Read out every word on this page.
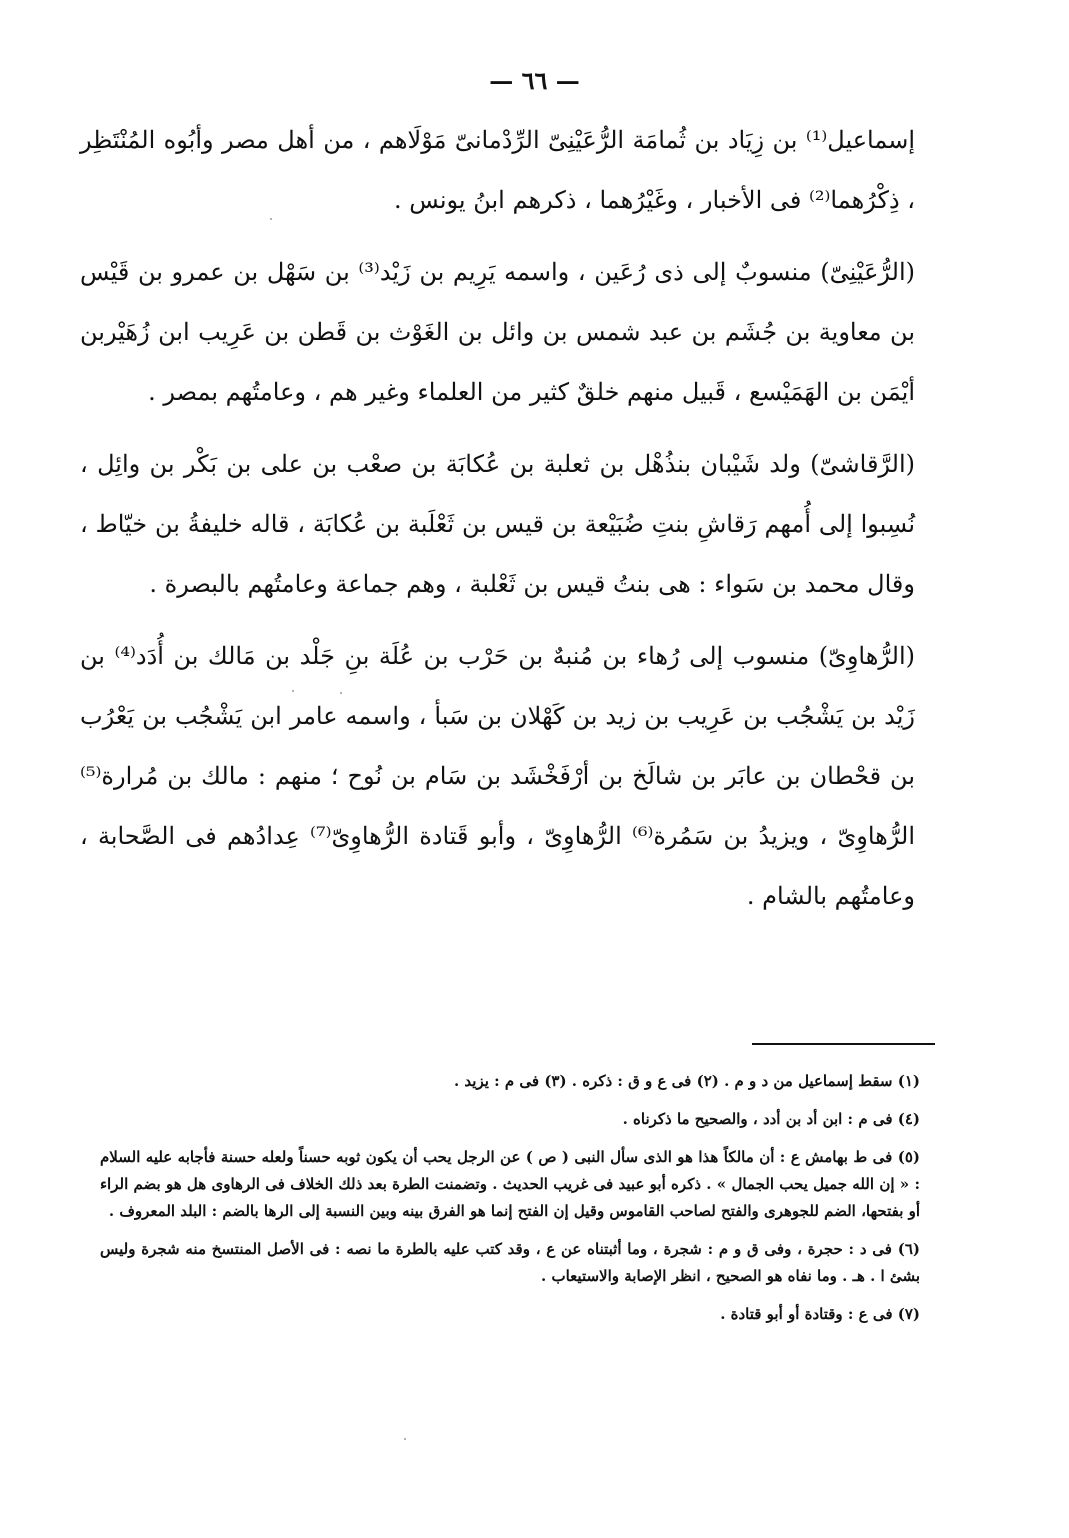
— ٦٦ —

إسماعيل⁽¹⁾ بن زِيَاد بن ثُمامَة الرُّعَيْنِىّ الرِّدْمانىّ مَوْلَاهم ، من أهل مصر وأبُوه المُنْتَظِر ، ذِكْرُهما⁽²⁾ فى الأخبار ، وغَيْرُهما ، ذكرهم ابنُ يونس .

(الرُّعَيْنِىّ) منسوبٌ إلى ذى رُعَين ، واسمه يَرِيم بن زَيْد⁽³⁾ بن سَهْل بن عمرو بن قَيْس بن معاوية بن جُشَم بن عبد شمس بن وائل بن الغَوْث بن قَطن بن عَرِيب ابن زُهَيْربن أيْمَن بن الهَمَيْسع ، قَبيل منهم خلقٌ كثير من العلماء وغير هم ، وعامتُهم بمصر .

(الرَّقاشىّ) ولد شَيْبان بنذُهْل بن ثعلبة بن عُكابَة بن صعْب بن على بن بَكْر بن وائِل ، نُسِبوا إلى أُمهم رَقاشِ بنتِ ضُبَيْعة بن قيس بن ثَعْلَبة بن عُكابَة ، قاله خليفةُ بن خيّاط ، وقال محمد بن سَواء : هى بنتُ قيس بن ثَعْلبة ، وهم جماعة وعامتُهم بالبصرة .

(الرُّهاوِىّ) منسوب إلى رُهاء بن مُنبهٌ بن حَرْب بن عُلَة بنِ جَلْد بن مَالك بن أُدَد⁽⁴⁾ بن زَيْد بن يَشْجُب بن عَرِيب بن زيد بن كَهْلان بن سَبأ ، واسمه عامر ابن يَشْجُب بن يَعْرُب بن قحْطان بن عابَر بن شالَخ بن أرْفَخْشَد بن سَام بن نُوح ؛ منهم : مالك بن مُرارة⁽⁵⁾ الرُّهاوِىّ ، ويزيدُ بن سَمُرة⁽⁶⁾ الرُّهاوِىّ ، وأبو قَتادة الرُّهاوِىّ⁽⁷⁾ عِدادُهم فى الصَّحابة ، وعامتُهم بالشام .

(١) سقط إسماعيل من د و م . (٢) فى ع و ق : ذكره . (٣) فى م : يزيد .

(٤) فى م : ابن أد بن أدد ، والصحيح ما ذكرناه .

(٥) فى ط بهامش ع : أن مالكاً هذا هو الذى سأل النبى ( ص ) عن الرجل يحب أن يكون ثوبه حسناً ولعله حسنة فأجابه عليه السلام : « إن الله جميل يحب الجمال » . ذكره أبو عبيد فى غريب الحديث . وتضمنت الطرة بعد ذلك الخلاف فى الرهاوى هل هو بضم الراء أو بفتحها، الضم للجوهرى والفتح لصاحب القاموس وقيل إن الفتح إنما هو الفرق بينه وبين النسبة إلى الرها بالضم : البلد المعروف .

(٦) فى د : حجرة ، وفى ق و م : شجرة ، وما أثبتناه عن ع ، وقد كتب عليه بالطرة ما نصه : فى الأصل المنتسخ منه شجرة وليس بشئ ا . هـ . وما نفاه هو الصحيح ، انظر الإصابة والاستيعاب .

(٧) فى ع : وقتادة أو أبو قتادة .
